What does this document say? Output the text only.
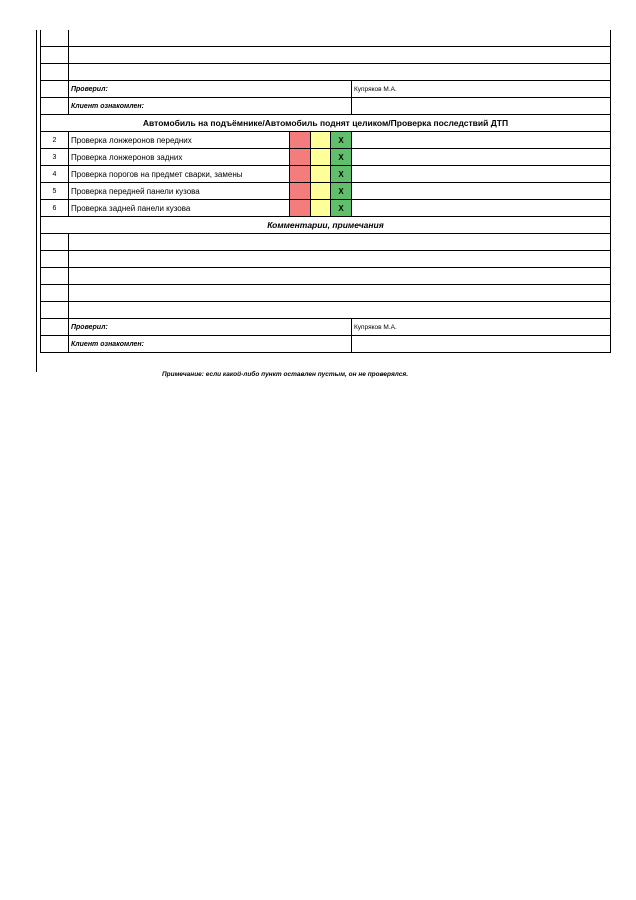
	Проверил:				Купряков М.А.
	Клиент ознакомлен:				
Автомобиль на подъёмнике/Автомобиль поднят целиком/Проверка последствий ДТП					
2	Проверка лонжеронов передних			X	
3	Проверка лонжеронов задних			X	
4	Проверка порогов на предмет сварки, замены			X	
5	Проверка передней панели кузова			X	
6	Проверка задней панели кузова			X	
Комментарии, примечания					

	Проверил:				Купряков М.А.
	Клиент ознакомлен:				
Примечание: если какой-либо пункт оставлен пустым, он не проверялся.
